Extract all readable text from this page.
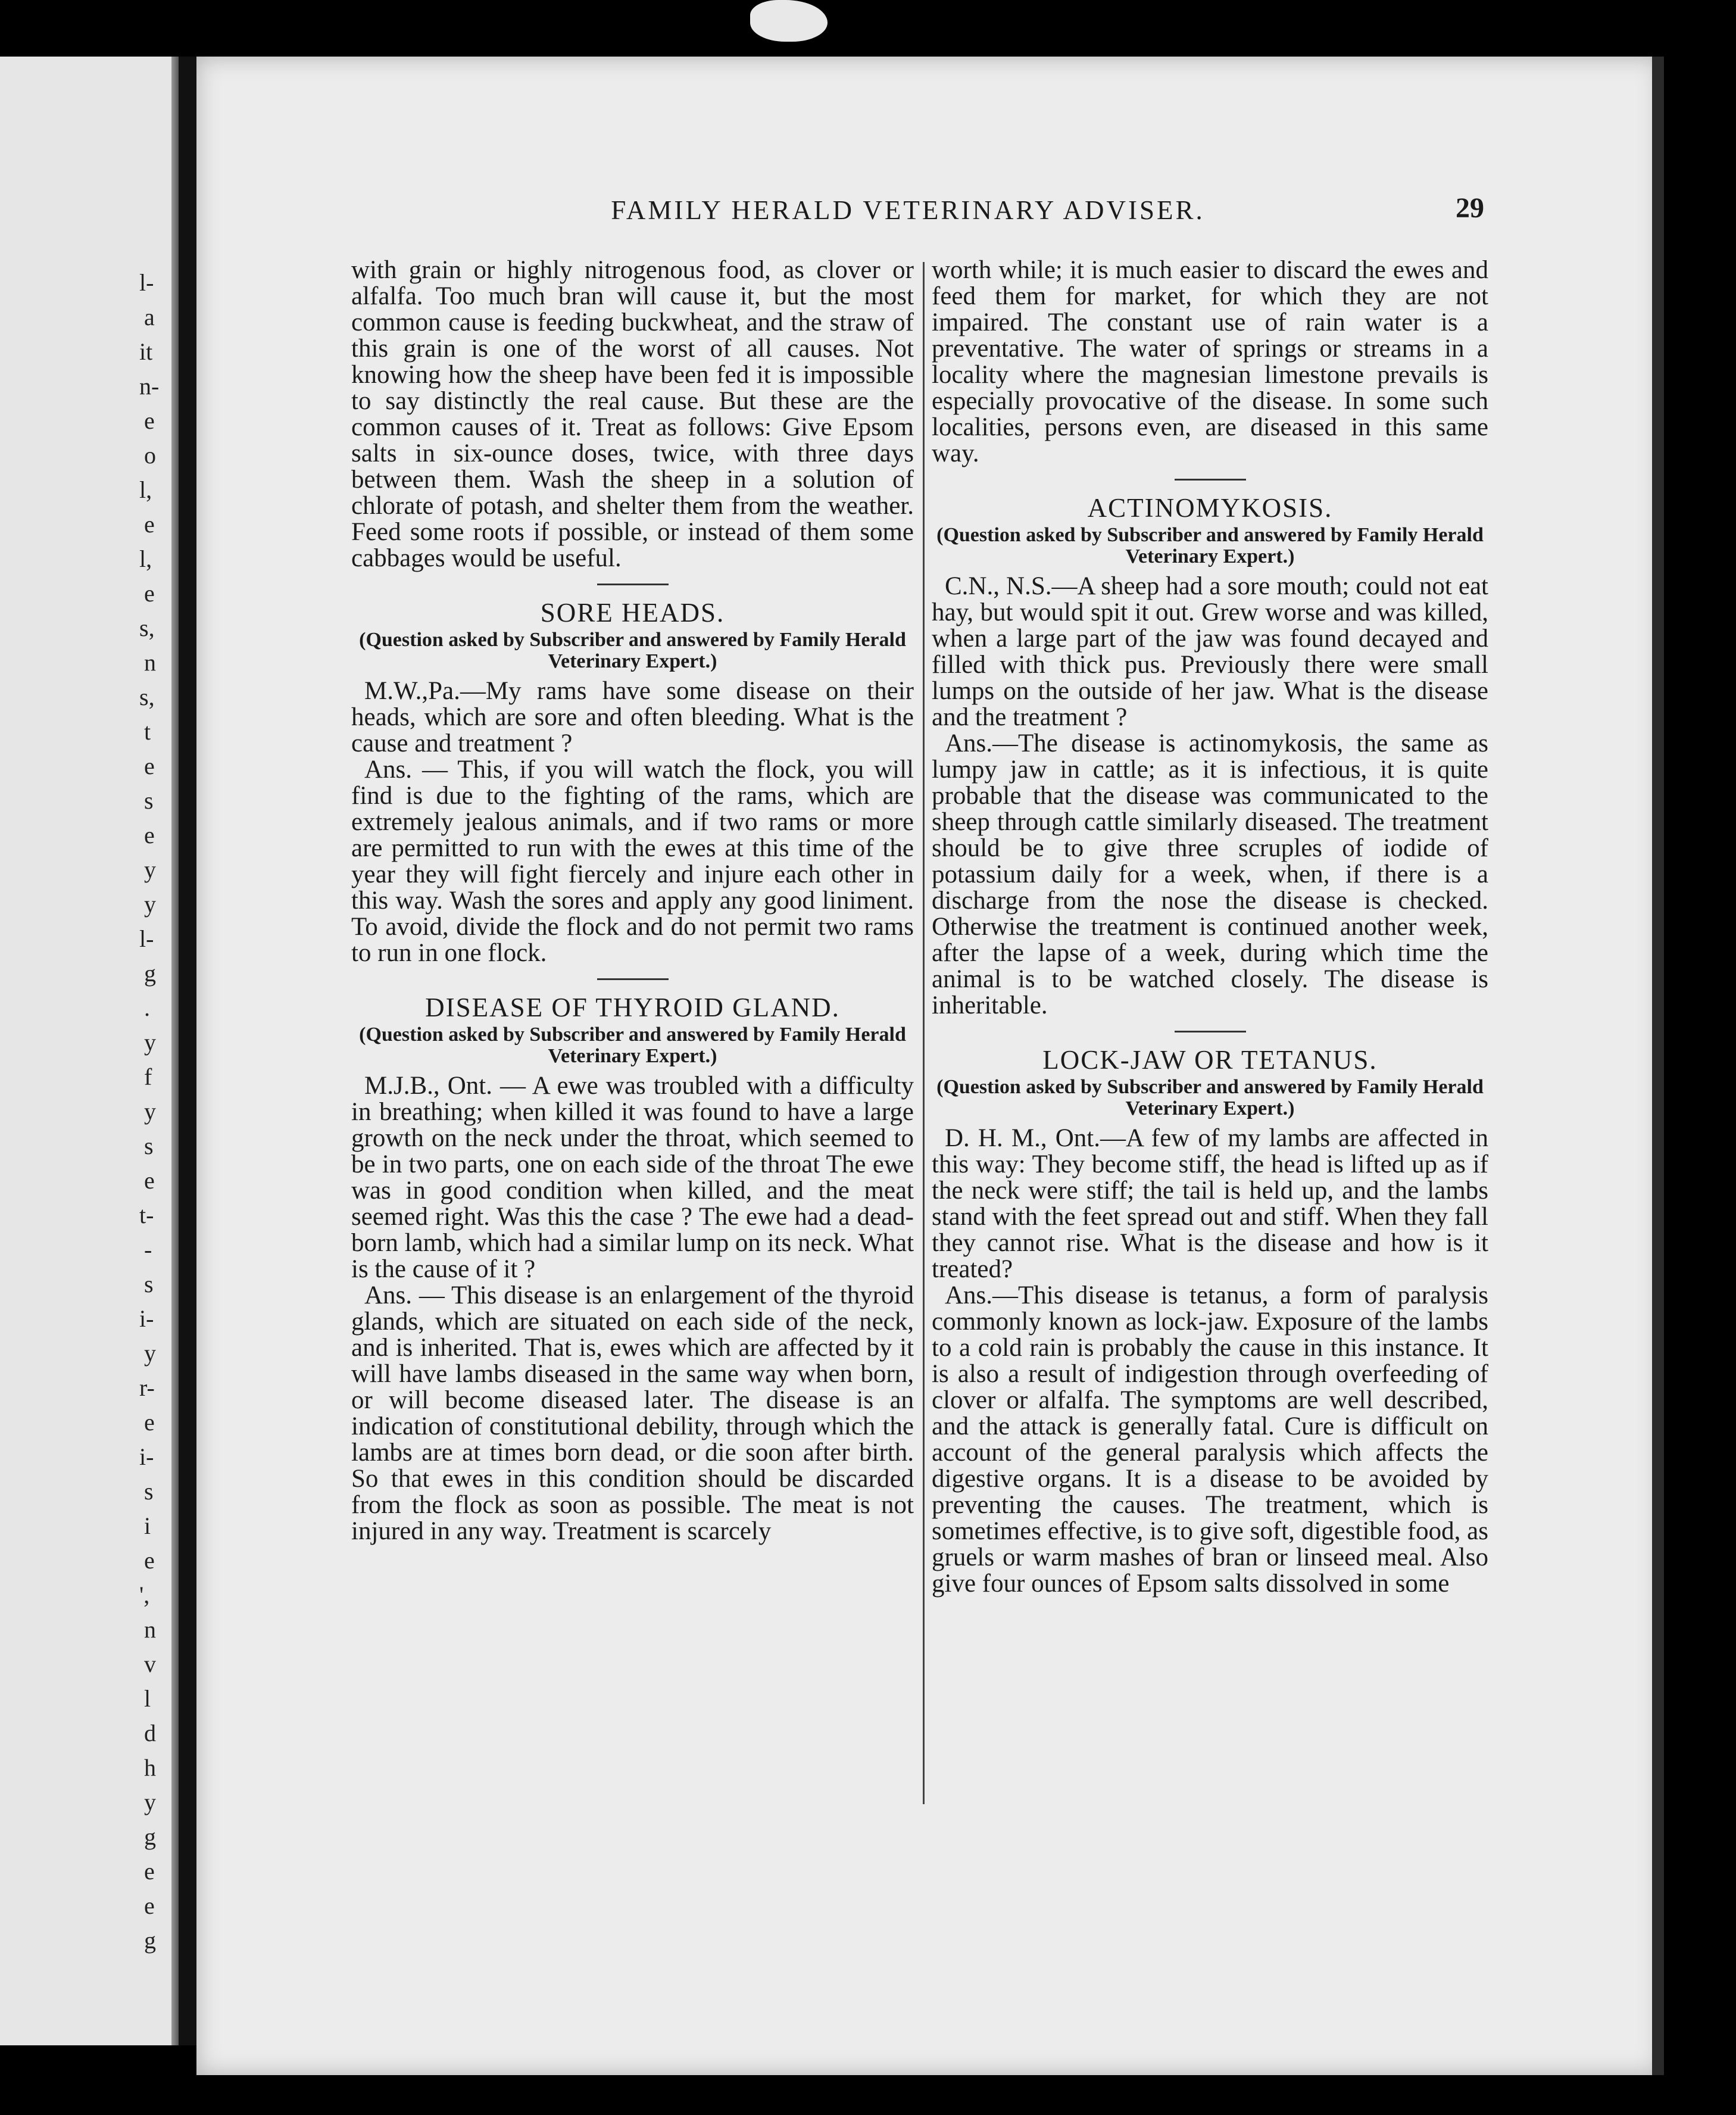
l-
a
it
n-
e
o
l,
e
l,
e
s,
n
s,
t
e
s
e
y
y
l-
g
.
y
f
y
s
e
t-
-
s
i-
y
r-
e
i-
s
i
e
',
n
v
l
d
h
y
g
e
e
g
FAMILY HERALD VETERINARY ADVISER.	29

with grain or highly nitrogenous food, as clover or alfalfa. Too much bran will cause it, but the most common cause is feeding buckwheat, and the straw of this grain is one of the worst of all causes. Not knowing how the sheep have been fed it is impossible to say distinctly the real cause. But these are the common causes of it. Treat as follows: Give Epsom salts in six-ounce doses, twice, with three days between them. Wash the sheep in a solution of chlorate of potash, and shelter them from the weather. Feed some roots if possible, or instead of them some cabbages would be useful.

SORE HEADS.
(Question asked by Subscriber and answered by Family Herald Veterinary Expert.)

M.W.,Pa.—My rams have some disease on their heads, which are sore and often bleeding. What is the cause and treatment ?

Ans. — This, if you will watch the flock, you will find is due to the fighting of the rams, which are extremely jealous animals, and if two rams or more are permitted to run with the ewes at this time of the year they will fight fiercely and injure each other in this way. Wash the sores and apply any good liniment. To avoid, divide the flock and do not permit two rams to run in one flock.

DISEASE OF THYROID GLAND.
(Question asked by Subscriber and answered by Family Herald Veterinary Expert.)

M.J.B., Ont. — A ewe was troubled with a difficulty in breathing; when killed it was found to have a large growth on the neck under the throat, which seemed to be in two parts, one on each side of the throat The ewe was in good condition when killed, and the meat seemed right. Was this the case ? The ewe had a dead-born lamb, which had a similar lump on its neck. What is the cause of it ?

Ans. — This disease is an enlargement of the thyroid glands, which are situated on each side of the neck, and is inherited. That is, ewes which are affected by it will have lambs diseased in the same way when born, or will become diseased later. The disease is an indication of constitutional debility, through which the lambs are at times born dead, or die soon after birth. So that ewes in this condition should be discarded from the flock as soon as possible. The meat is not injured in any way. Treatment is scarcely

worth while; it is much easier to discard the ewes and feed them for market, for which they are not impaired. The constant use of rain water is a preventative. The water of springs or streams in a locality where the magnesian limestone prevails is especially provocative of the disease. In some such localities, persons even, are diseased in this same way.

ACTINOMYKOSIS.
(Question asked by Subscriber and answered by Family Herald Veterinary Expert.)

C.N., N.S.—A sheep had a sore mouth; could not eat hay, but would spit it out. Grew worse and was killed, when a large part of the jaw was found decayed and filled with thick pus. Previously there were small lumps on the outside of her jaw. What is the disease and the treatment ?

Ans.—The disease is actinomykosis, the same as lumpy jaw in cattle; as it is infectious, it is quite probable that the disease was communicated to the sheep through cattle similarly diseased. The treatment should be to give three scruples of iodide of potassium daily for a week, when, if there is a discharge from the nose the disease is checked. Otherwise the treatment is continued another week, after the lapse of a week, during which time the animal is to be watched closely. The disease is inheritable.

LOCK-JAW OR TETANUS.
(Question asked by Subscriber and answered by Family Herald Veterinary Expert.)

D. H. M., Ont.—A few of my lambs are affected in this way: They become stiff, the head is lifted up as if the neck were stiff; the tail is held up, and the lambs stand with the feet spread out and stiff. When they fall they cannot rise. What is the disease and how is it treated?

Ans.—This disease is tetanus, a form of paralysis commonly known as lock-jaw. Exposure of the lambs to a cold rain is probably the cause in this instance. It is also a result of indigestion through overfeeding of clover or alfalfa. The symptoms are well described, and the attack is generally fatal. Cure is difficult on account of the general paralysis which affects the digestive organs. It is a disease to be avoided by preventing the causes. The treatment, which is sometimes effective, is to give soft, digestible food, as gruels or warm mashes of bran or linseed meal. Also give four ounces of Epsom salts dissolved in some
